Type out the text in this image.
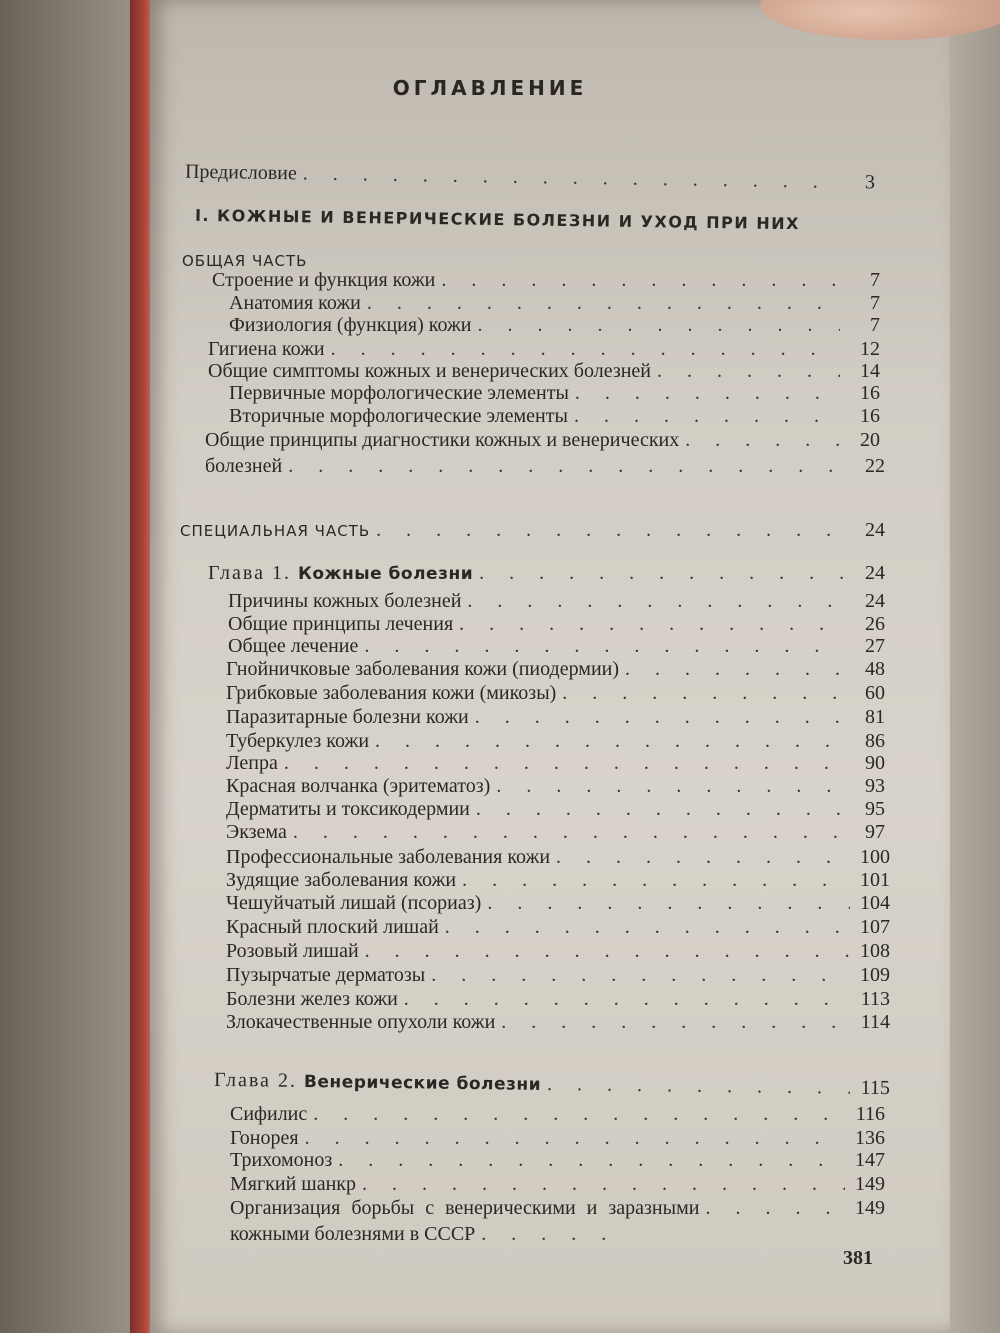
ОГЛАВЛЕНИЕ
Предисловие . . .	3
I. КОЖНЫЕ И ВЕНЕРИЧЕСКИЕ БОЛЕЗНИ И УХОД ПРИ НИХ
ОБЩАЯ ЧАСТЬ
Строение и функция кожи . . .	7
Анатомия кожи . . .	7
Физиология (функция) кожи . . .	7
Гигиена кожи . . .	12
Общие симптомы кожных и венерических болезней . . .	14
Первичные морфологические элементы . . .	16
Вторичные морфологические элементы . . .	16
Общие принципы диагностики кожных и венерических . . .	20
болезней . . .	22
СПЕЦИАЛЬНАЯ ЧАСТЬ . . .	24
Глава 1. Кожные болезни . . .	24
Причины кожных болезней . . .	24
Общие принципы лечения . . .	26
Общее лечение . . .	27
Гнойничковые заболевания кожи (пиодермии) . . .	48
Грибковые заболевания кожи (микозы) . . .	60
Паразитарные болезни кожи . . .	81
Туберкулез кожи . . .	86
Лепра . . .	90
Красная волчанка (эритематоз) . . .	93
Дерматиты и токсикодермии . . .	95
Экзема . . .	97
Профессиональные заболевания кожи . . .	100
Зудящие заболевания кожи . . .	101
Чешуйчатый лишай (псориаз) . . .	104
Красный плоский лишай . . .	107
Розовый лишай . . .	108
Пузырчатые дерматозы . . .	109
Болезни желез кожи . . .	113
Злокачественные опухоли кожи . . .	114
Глава 2. Венерические болезни . . .	115
Сифилис . . .	116
Гонорея . . .	136
Трихомоноз . . .	147
Мягкий шанкр . . .	149
Организация борьбы с венерическими и заразными . . .	149
кожными болезнями в СССР
. . .
381
